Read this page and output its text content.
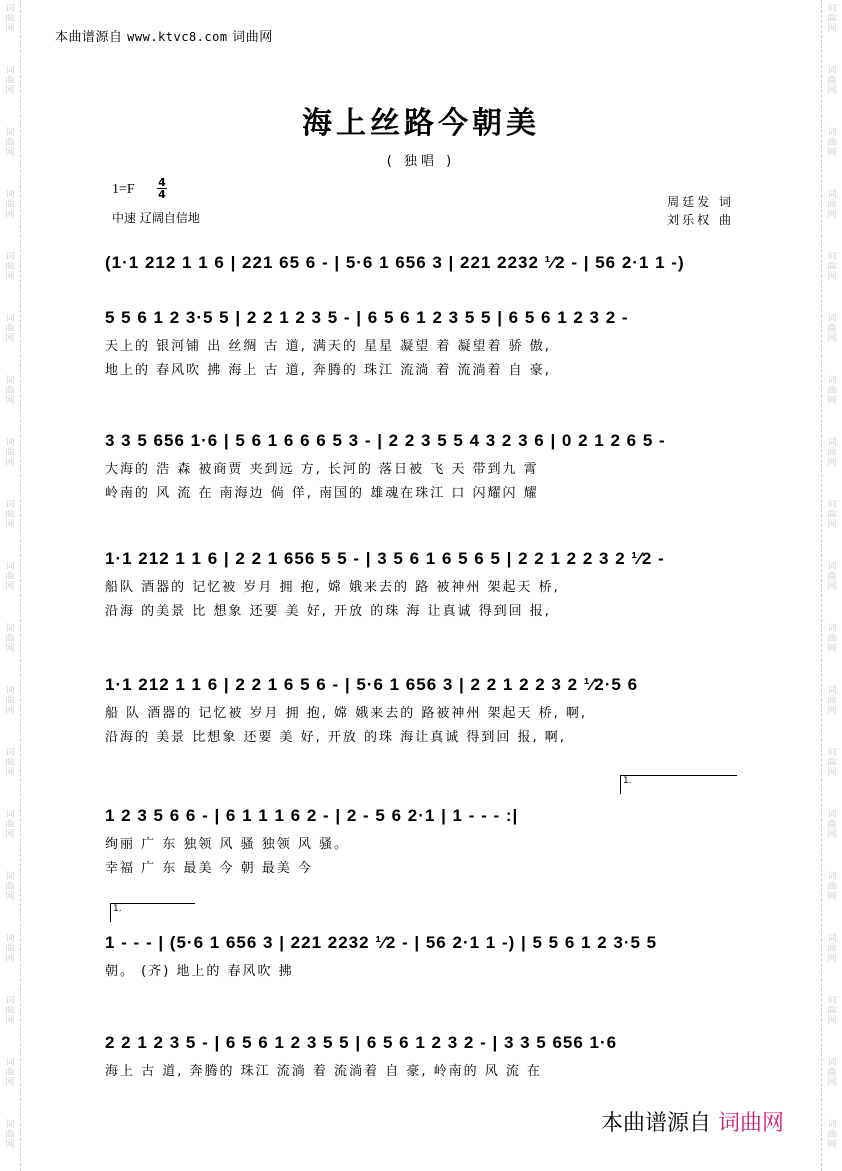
本曲谱源自 www.ktvc8.com 词曲网
海上丝路今朝美
( 独唱 )
1=F 4
4
中速 辽阔自信地
周廷发 词
刘乐权 曲
(1·1 212 1 1 6 | 221 65 6 - | 5·6 1 656 3 | 221 2232 ¹⁄2 - | 56 2·1 1 -)
5 5 6 1 2 3·5 5 | 2 2 1 2 3 5 - | 6 5 6 1 2 3 5 5 | 6 5 6 1 2 3 2 -
天上的 银河铺 出 丝绸 古 道, 满天的 星星 凝望 着 凝望着 骄 傲,
地上的 春风吹 拂 海上 古 道, 奔腾的 珠江 流淌 着 流淌着 自 豪,
3 3 5 656 1·6 | 5 6 1 6 6 6 5 3 - | 2 2 3 5 5 4 3 2 3 6 | 0 2 1 2 6 5 -
大海的 浩 森 被商贾 夹到远 方, 长河的 落日被 飞 天 带到九 霄
岭南的 风 流 在 南海边 倘 佯, 南国的 雄魂在珠江 口 闪耀闪 耀
1·1 212 1 1 6 | 2 2 1 656 5 5 - | 3 5 6 1 6 5 6 5 | 2 2 1 2 2 3 2 ¹⁄2 -
船队 酒器的 记忆被 岁月 拥 抱, 嫦 娥来去的 路 被神州 架起天 桥,
沿海 的美景 比 想象 还要 美 好, 开放 的珠 海 让真诚 得到回 报,
1·1 212 1 1 6 | 2 2 1 6 5 6 - | 5·6 1 656 3 | 2 2 1 2 2 3 2 ¹⁄2·5 6
船 队 酒器的 记忆被 岁月 拥 抱, 嫦 娥来去的 路被神州 架起天 桥, 啊,
沿海的 美景 比想象 还要 美 好, 开放 的珠 海让真诚 得到回 报, 啊,
1 2 3 5 6 6 - | 6 1 1 1 6 2 - | 2 - 5 6 2·1 | 1 - - - :|
绚丽 广 东 独领 风 骚 独领 风 骚。
幸福 广 东 最美 今 朝 最美 今
1 - - - | (5·6 1 656 3 | 221 2232 ¹⁄2 - | 56 2·1 1 -) | 5 5 6 1 2 3·5 5
朝。 (齐) 地上的 春风吹 拂
2 2 1 2 3 5 - | 6 5 6 1 2 3 5 5 | 6 5 6 1 2 3 2 - | 3 3 5 656 1·6
海上 古 道, 奔腾的 珠江 流淌 着 流淌着 自 豪, 岭南的 风 流 在
1.
1.
本曲谱源自 词曲网
词
曲
网
词
曲
网
词
曲
网
词
曲
网
词
曲
网
词
曲
网
词
曲
网
词
曲
网
词
曲
网
词
曲
网
词
曲
网
词
曲
网
词
曲
网
词
曲
网
词
曲
网
词
曲
网
词
曲
网
词
曲
网
词
曲
网
词
曲
网
词
曲
网
词
曲
网
词
曲
网
词
曲
网
词
曲
网
词
曲
网
词
曲
网
词
曲
网
词
曲
网
词
曲
网
词
曲
网
词
曲
网
词
曲
网
词
曲
网
词
曲
网
词
曲
网
词
曲
网
词
曲
网
